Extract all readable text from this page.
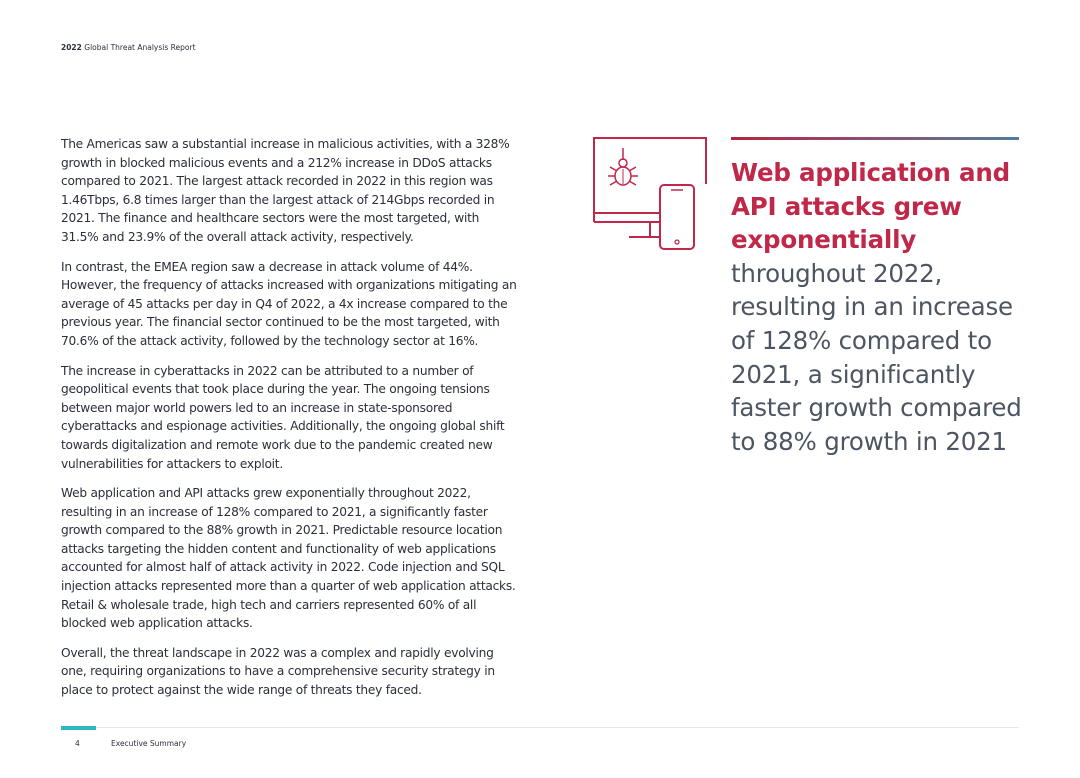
2022 Global Threat Analysis Report

The Americas saw a substantial increase in malicious activities, with a 328% growth in blocked malicious events and a 212% increase in DDoS attacks compared to 2021. The largest attack recorded in 2022 in this region was 1.46Tbps, 6.8 times larger than the largest attack of 214Gbps recorded in 2021. The finance and healthcare sectors were the most targeted, with 31.5% and 23.9% of the overall attack activity, respectively.

In contrast, the EMEA region saw a decrease in attack volume of 44%. However, the frequency of attacks increased with organizations mitigating an average of 45 attacks per day in Q4 of 2022, a 4x increase compared to the previous year. The financial sector continued to be the most targeted, with 70.6% of the attack activity, followed by the technology sector at 16%.

The increase in cyberattacks in 2022 can be attributed to a number of geopolitical events that took place during the year. The ongoing tensions between major world powers led to an increase in state-sponsored cyberattacks and espionage activities. Additionally, the ongoing global shift towards digitalization and remote work due to the pandemic created new vulnerabilities for attackers to exploit.

Web application and API attacks grew exponentially throughout 2022, resulting in an increase of 128% compared to 2021, a significantly faster growth compared to the 88% growth in 2021. Predictable resource location attacks targeting the hidden content and functionality of web applications accounted for almost half of attack activity in 2022. Code injection and SQL injection attacks represented more than a quarter of web application attacks. Retail & wholesale trade, high tech and carriers represented 60% of all blocked web application attacks.

Overall, the threat landscape in 2022 was a complex and rapidly evolving one, requiring organizations to have a comprehensive security strategy in place to protect against the wide range of threats they faced.

Web application and API attacks grew exponentially throughout 2022, resulting in an increase of 128% compared to 2021, a significantly faster growth compared to 88% growth in 2021
4	Executive Summary
